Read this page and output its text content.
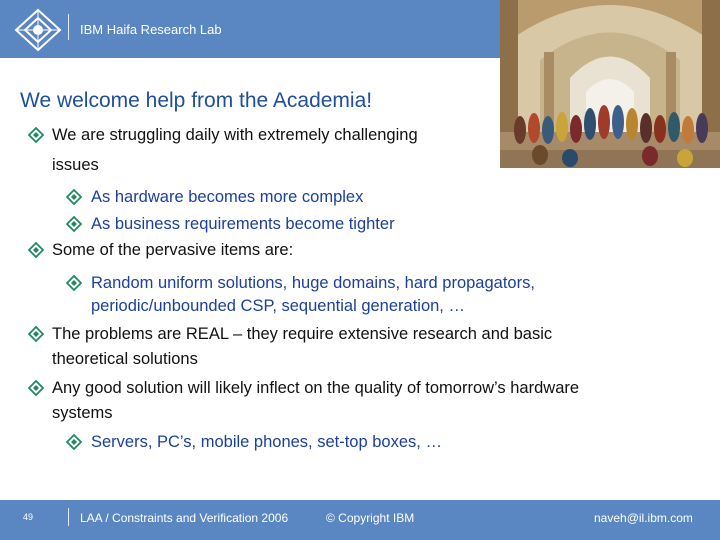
IBM Haifa Research Lab
We welcome help from the Academia!
We are struggling daily with extremely challenging
issues
As hardware becomes more complex
As business requirements become tighter
Some of the pervasive items are:
Random uniform solutions, huge domains, hard propagators,
periodic/unbounded CSP, sequential generation, …
The problems are REAL – they require extensive research and basic
theoretical solutions
Any good solution will likely inflect on the quality of tomorrow’s hardware
systems
Servers, PC’s, mobile phones, set-top boxes, …
49	LAA / Constraints and Verification 2006	© Copyright IBM	naveh@il.ibm.com
